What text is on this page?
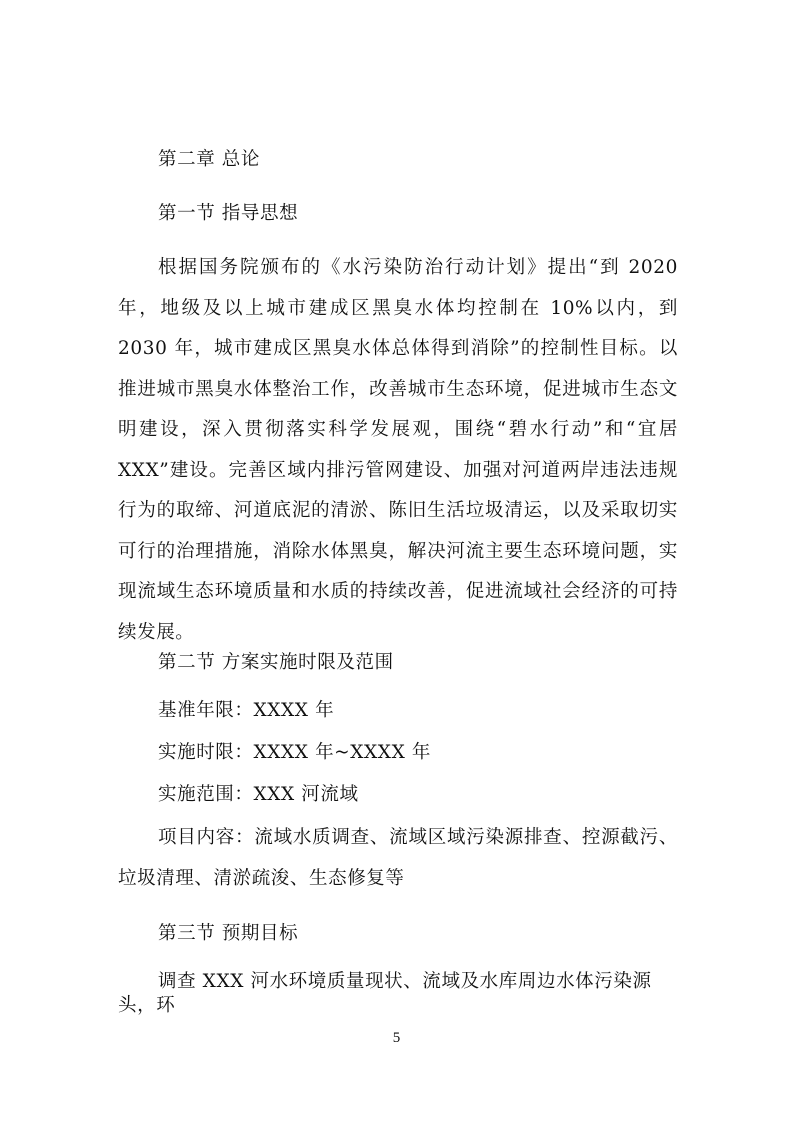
第二章 总论
第一节 指导思想
根据国务院颁布的《水污染防治行动计划》提出“到 2020 年，地级及以上城市建成区黑臭水体均控制在 10%以内，到 2030 年，城市建成区黑臭水体总体得到消除”的控制性目标。以推进城市黑臭水体整治工作，改善城市生态环境，促进城市生态文明建设，深入贯彻落实科学发展观，围绕“碧水行动”和“宜居 XXX”建设。完善区域内排污管网建设、加强对河道两岸违法违规行为的取缔、河道底泥的清淤、陈旧生活垃圾清运，以及采取切实可行的治理措施，消除水体黑臭，解决河流主要生态环境问题，实现流域生态环境质量和水质的持续改善，促进流域社会经济的可持续发展。
第二节 方案实施时限及范围
基准年限：XXXX 年
实施时限：XXXX 年~XXXX 年
实施范围：XXX 河流域
项目内容：流域水质调查、流域区域污染源排查、控源截污、垃圾清理、清淤疏浚、生态修复等
第三节 预期目标
调查 XXX 河水环境质量现状、流域及水库周边水体污染源头，环
5
